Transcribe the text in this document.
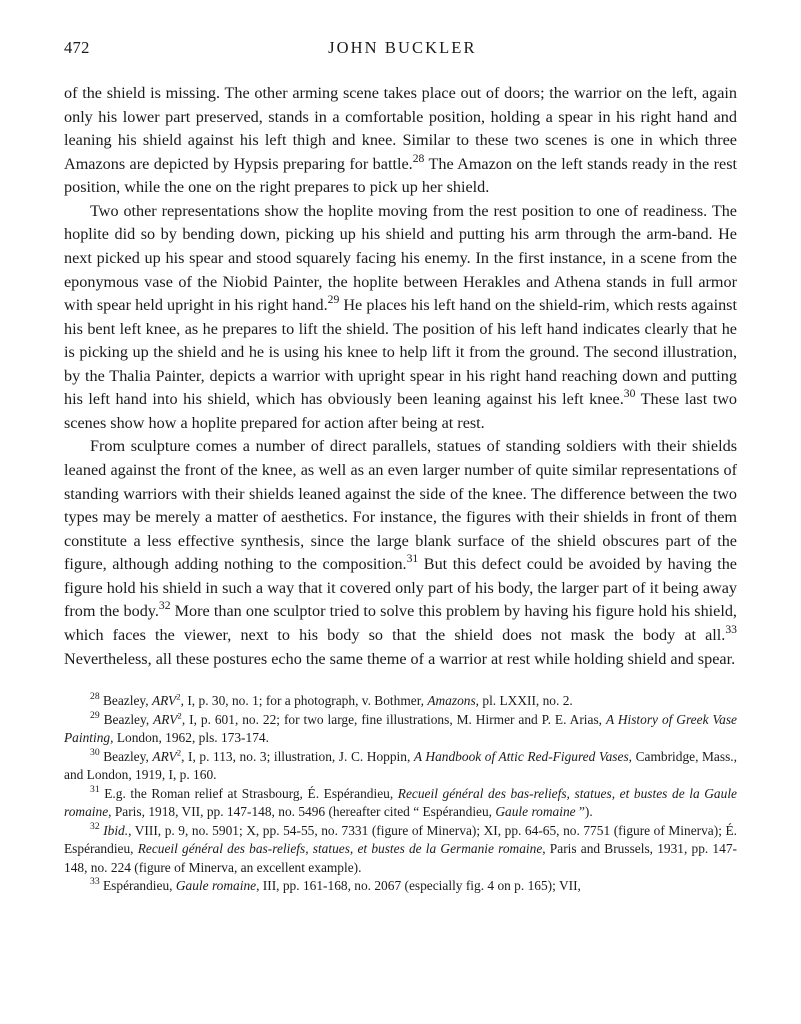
472	JOHN BUCKLER

of the shield is missing. The other arming scene takes place out of doors; the warrior on the left, again only his lower part preserved, stands in a comfortable position, holding a spear in his right hand and leaning his shield against his left thigh and knee. Similar to these two scenes is one in which three Amazons are depicted by Hypsis preparing for battle.$^{28}$ The Amazon on the left stands ready in the rest position, while the one on the right prepares to pick up her shield.

Two other representations show the hoplite moving from the rest position to one of readiness. The hoplite did so by bending down, picking up his shield and putting his arm through the arm-band. He next picked up his spear and stood squarely facing his enemy. In the first instance, in a scene from the eponymous vase of the Niobid Painter, the hoplite between Herakles and Athena stands in full armor with spear held upright in his right hand.$^{29}$ He places his left hand on the shield-rim, which rests against his bent left knee, as he prepares to lift the shield. The position of his left hand indicates clearly that he is picking up the shield and he is using his knee to help lift it from the ground. The second illustration, by the Thalia Painter, depicts a warrior with upright spear in his right hand reaching down and putting his left hand into his shield, which has obviously been leaning against his left knee.$^{30}$ These last two scenes show how a hoplite prepared for action after being at rest.

From sculpture comes a number of direct parallels, statues of standing soldiers with their shields leaned against the front of the knee, as well as an even larger number of quite similar representations of standing warriors with their shields leaned against the side of the knee. The difference between the two types may be merely a matter of aesthetics. For instance, the figures with their shields in front of them constitute a less effective synthesis, since the large blank surface of the shield obscures part of the figure, although adding nothing to the composition.$^{31}$ But this defect could be avoided by having the figure hold his shield in such a way that it covered only part of his body, the larger part of it being away from the body.$^{32}$ More than one sculptor tried to solve this problem by having his figure hold his shield, which faces the viewer, next to his body so that the shield does not mask the body at all.$^{33}$ Nevertheless, all these postures echo the same theme of a warrior at rest while holding shield and spear.

$^{28}$ Beazley, ARV$^2$, I, p. 30, no. 1; for a photograph, v. Bothmer, Amazons, pl. LXXII, no. 2.

$^{29}$ Beazley, ARV$^2$, I, p. 601, no. 22; for two large, fine illustrations, M. Hirmer and P. E. Arias, A History of Greek Vase Painting, London, 1962, pls. 173-174.

$^{30}$ Beazley, ARV$^2$, I, p. 113, no. 3; illustration, J. C. Hoppin, A Handbook of Attic Red-Figured Vases, Cambridge, Mass., and London, 1919, I, p. 160.

$^{31}$ E.g. the Roman relief at Strasbourg, É. Espérandieu, Recueil général des bas-reliefs, statues, et bustes de la Gaule romaine, Paris, 1918, VII, pp. 147-148, no. 5496 (hereafter cited “ Espérandieu, Gaule romaine ”).

$^{32}$ Ibid., VIII, p. 9, no. 5901; X, pp. 54-55, no. 7331 (figure of Minerva); XI, pp. 64-65, no. 7751 (figure of Minerva); É. Espérandieu, Recueil général des bas-reliefs, statues, et bustes de la Germanie romaine, Paris and Brussels, 1931, pp. 147-148, no. 224 (figure of Minerva, an excellent example).

$^{33}$ Espérandieu, Gaule romaine, III, pp. 161-168, no. 2067 (especially fig. 4 on p. 165); VII,
